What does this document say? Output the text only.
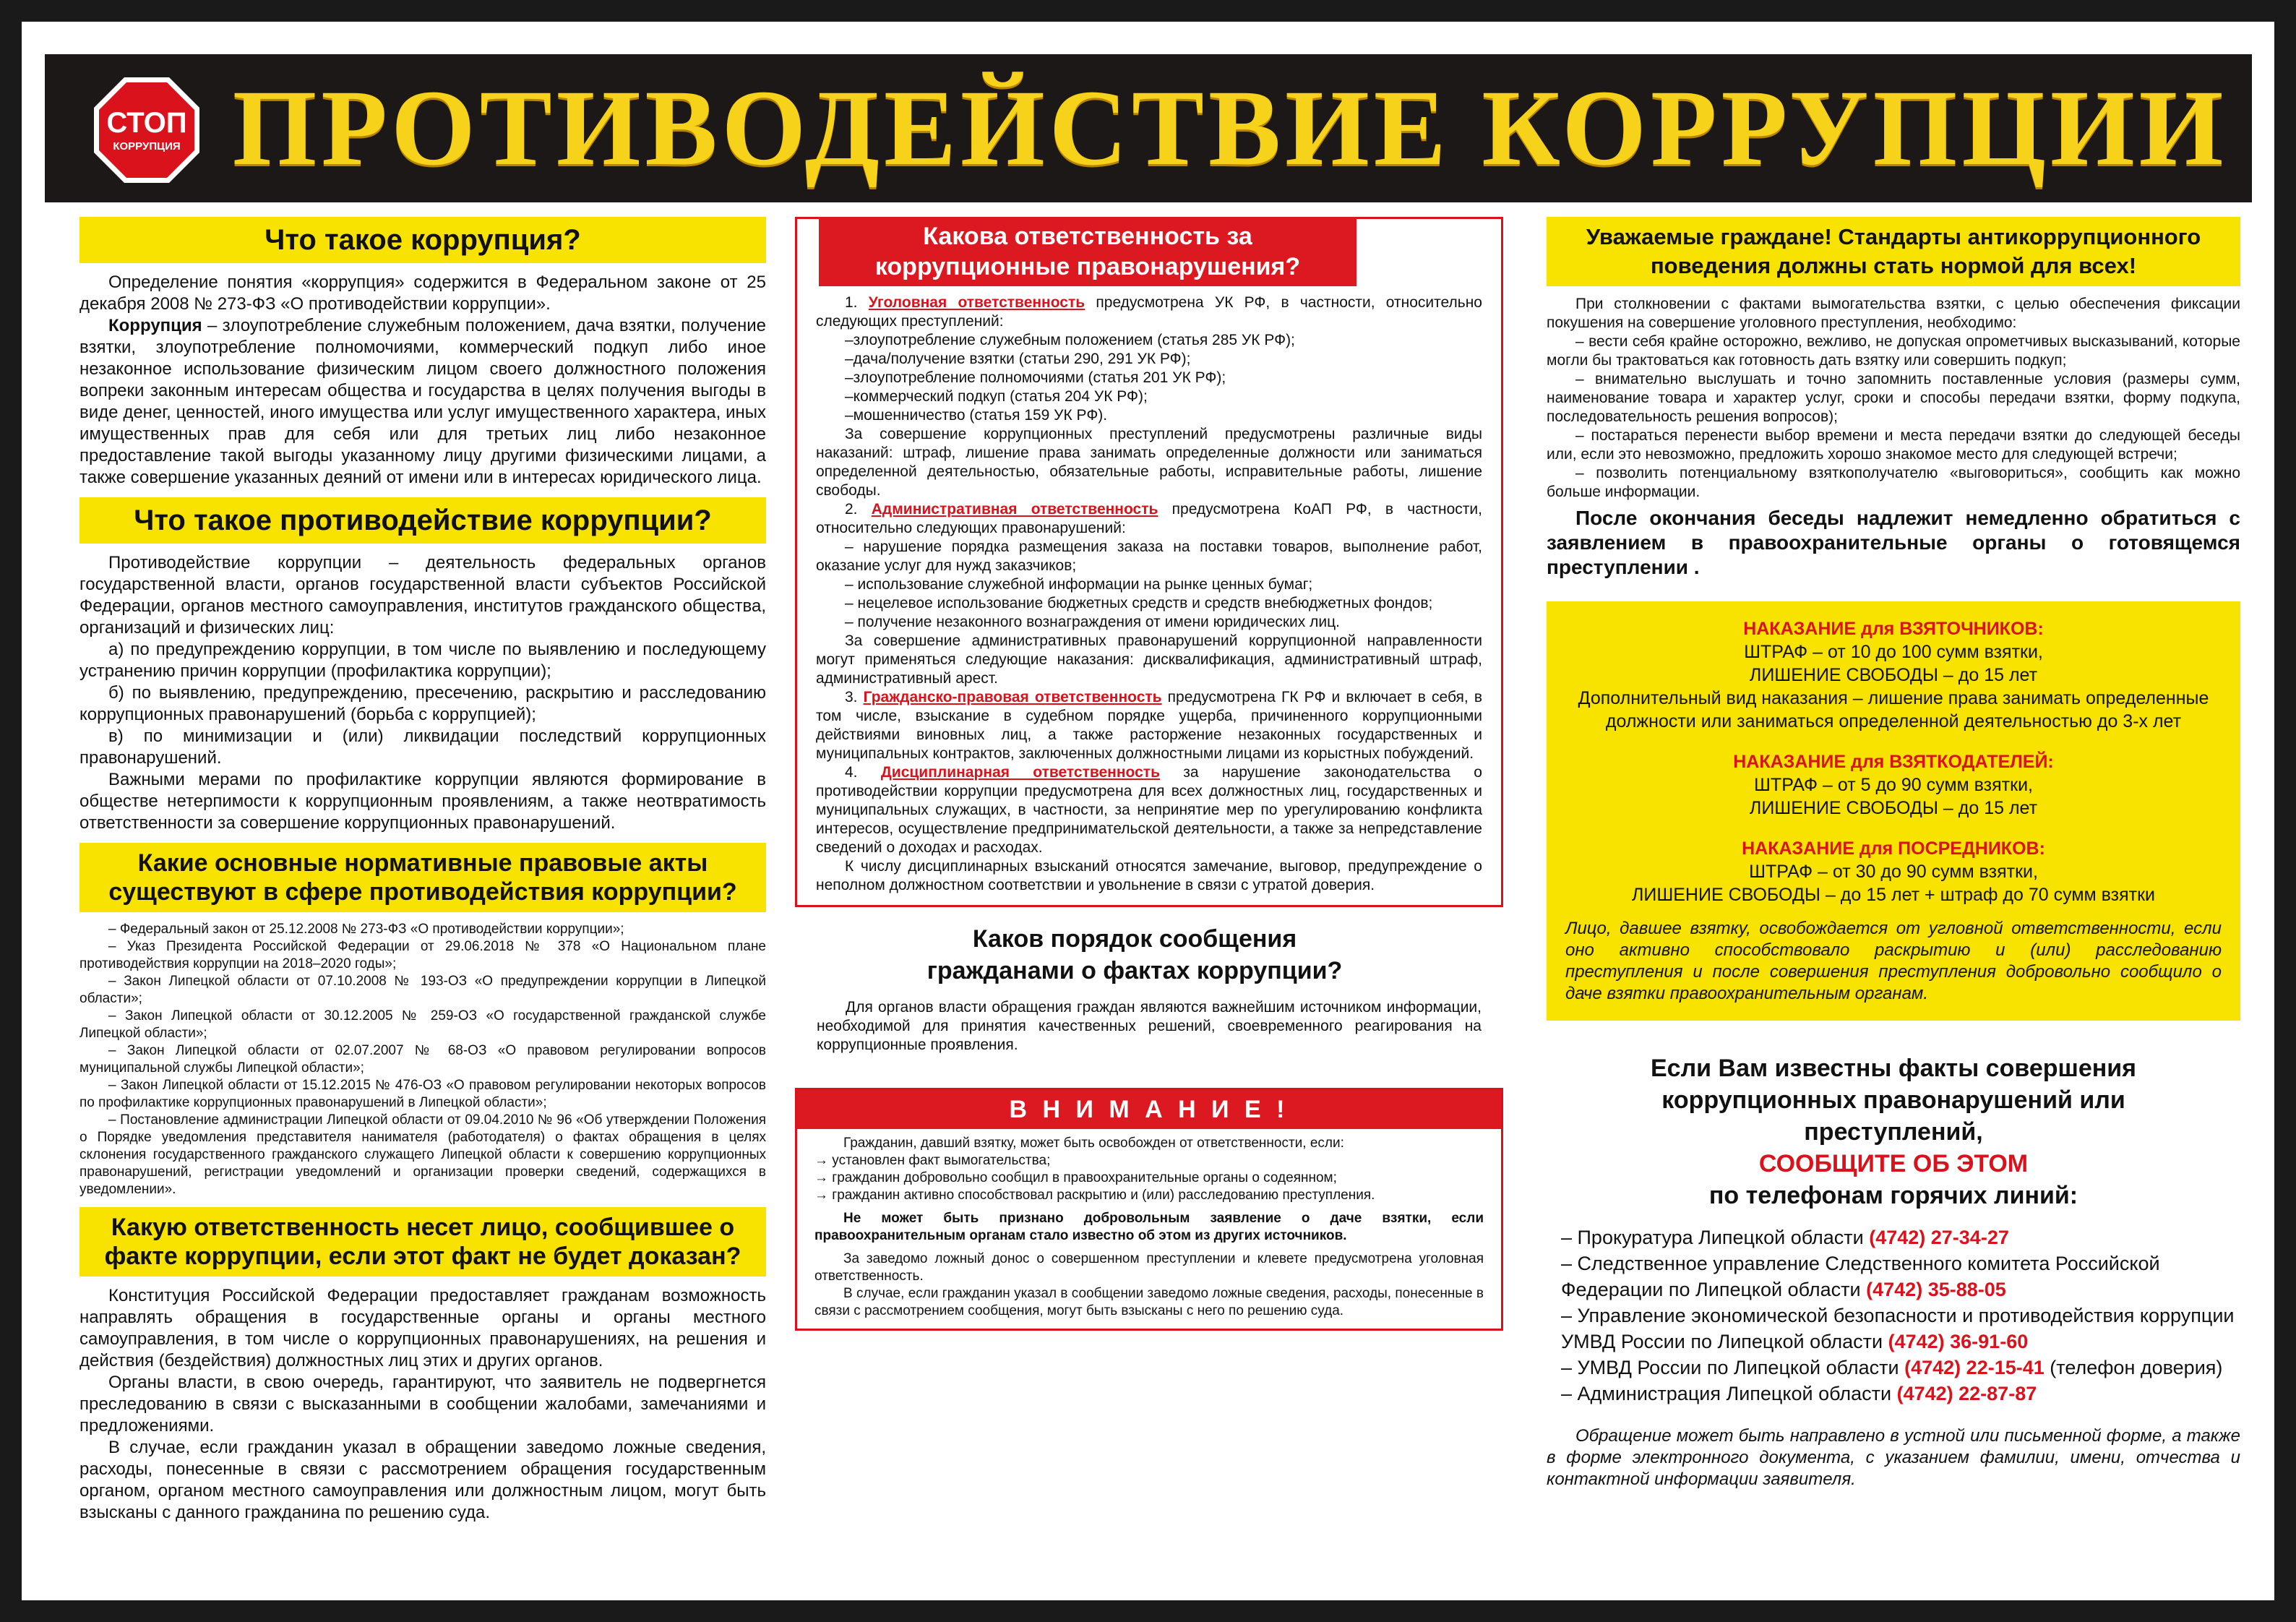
СТОП
КОРРУПЦИЯ ПРОТИВОДЕЙСТВИЕ КОРРУПЦИИ
Что такое коррупция?

Определение понятия «коррупция» содержится в Федеральном законе от 25 декабря 2008 № 273-ФЗ «О противодействии коррупции».

Коррупция – злоупотребление служебным положением, дача взятки, получение взятки, злоупотребление полномочиями, коммерческий подкуп либо иное незаконное использование физическим лицом своего должностного положения вопреки законным интересам общества и государства в целях получения выгоды в виде денег, ценностей, иного имущества или услуг имущественного характера, иных имущественных прав для себя или для третьих лиц либо незаконное предоставление такой выгоды указанному лицу другими физическими лицами, а также совершение указанных деяний от имени или в интересах юридического лица.

Что такое противодействие коррупции?

Противодействие коррупции – деятельность федеральных органов государственной власти, органов государственной власти субъектов Российской Федерации, органов местного самоуправления, институтов гражданского общества, организаций и физических лиц:

а) по предупреждению коррупции, в том числе по выявлению и последующему устранению причин коррупции (профилактика коррупции);

б) по выявлению, предупреждению, пресечению, раскрытию и расследованию коррупционных правонарушений (борьба с коррупцией);

в) по минимизации и (или) ликвидации последствий коррупционных правонарушений.

Важными мерами по профилактике коррупции являются формирование в обществе нетерпимости к коррупционным проявлениям, а также неотвратимость ответственности за совершение коррупционных правонарушений.

Какие основные нормативные правовые акты существуют в сфере противодействия коррупции?

– Федеральный закон от 25.12.2008 № 273-ФЗ «О противодействии коррупции»;

– Указ Президента Российской Федерации от 29.06.2018 № 378 «О Национальном плане противодействия коррупции на 2018–2020 годы»;

– Закон Липецкой области от 07.10.2008 № 193-ОЗ «О предупреждении коррупции в Липецкой области»;

– Закон Липецкой области от 30.12.2005 № 259-ОЗ «О государственной гражданской службе Липецкой области»;

– Закон Липецкой области от 02.07.2007 № 68-ОЗ «О правовом регулировании вопросов муниципальной службы Липецкой области»;

– Закон Липецкой области от 15.12.2015 № 476-ОЗ «О правовом регулировании некоторых вопросов по профилактике коррупционных правонарушений в Липецкой области»;

– Постановление администрации Липецкой области от 09.04.2010 № 96 «Об утверждении Положения о Порядке уведомления представителя нанимателя (работодателя) о фактах обращения в целях склонения государственного гражданского служащего Липецкой области к совершению коррупционных правонарушений, регистрации уведомлений и организации проверки сведений, содержащихся в уведомлении».

Какую ответственность несет лицо, сообщившее о факте коррупции, если этот факт не будет доказан?

Конституция Российской Федерации предоставляет гражданам возможность направлять обращения в государственные органы и органы местного самоуправления, в том числе о коррупционных правонарушениях, на решения и действия (бездействия) должностных лиц этих и других органов.

Органы власти, в свою очередь, гарантируют, что заявитель не подвергнется преследованию в связи с высказанными в сообщении жалобами, замечаниями и предложениями.

В случае, если гражданин указал в обращении заведомо ложные сведения, расходы, понесенные в связи с рассмотрением обращения государственным органом, органом местного самоуправления или должностным лицом, могут быть взысканы с данного гражданина по решению суда.

Какова ответственность за коррупционные правонарушения?

1. Уголовная ответственность предусмотрена УК РФ, в частности, относительно следующих преступлений:

–злоупотребление служебным положением (статья 285 УК РФ);

–дача/получение взятки (статьи 290, 291 УК РФ);

–злоупотребление полномочиями (статья 201 УК РФ);

–коммерческий подкуп (статья 204 УК РФ);

–мошенничество (статья 159 УК РФ).

За совершение коррупционных преступлений предусмотрены различные виды наказаний: штраф, лишение права занимать определенные должности или заниматься определенной деятельностью, обязательные работы, исправительные работы, лишение свободы.

2. Административная ответственность предусмотрена КоАП РФ, в частности, относительно следующих правонарушений:

– нарушение порядка размещения заказа на поставки товаров, выполнение работ, оказание услуг для нужд заказчиков;

– использование служебной информации на рынке ценных бумаг;

– нецелевое использование бюджетных средств и средств внебюджетных фондов;

– получение незаконного вознаграждения от имени юридических лиц.

За совершение административных правонарушений коррупционной направленности могут применяться следующие наказания: дисквалификация, административный штраф, административный арест.

3. Гражданско-правовая ответственность предусмотрена ГК РФ и включает в себя, в том числе, взыскание в судебном порядке ущерба, причиненного коррупционными действиями виновных лиц, а также расторжение незаконных государственных и муниципальных контрактов, заключенных должностными лицами из корыстных побуждений.

4. Дисциплинарная ответственность за нарушение законодательства о противодействии коррупции предусмотрена для всех должностных лиц, государственных и муниципальных служащих, в частности, за непринятие мер по урегулированию конфликта интересов, осуществление предпринимательской деятельности, а также за непредставление сведений о доходах и расходах.

К числу дисциплинарных взысканий относятся замечание, выговор, предупреждение о неполном должностном соответствии и увольнение в связи с утратой доверия.

Каков порядок сообщения гражданами о фактах коррупции?

Для органов власти обращения граждан являются важнейшим источником информации, необходимой для принятия качественных решений, своевременного реагирования на коррупционные проявления.

В Н И М А Н И Е !

Гражданин, давший взятку, может быть освобожден от ответственности, если:

→ установлен факт вымогательства;

→ гражданин добровольно сообщил в правоохранительные органы о содеянном;

→ гражданин активно способствовал раскрытию и (или) расследованию преступления.

Не может быть признано добровольным заявление о даче взятки, если правоохранительным органам стало известно об этом из других источников.

За заведомо ложный донос о совершенном преступлении и клевете предусмотрена уголовная ответственность.

В случае, если гражданин указал в сообщении заведомо ложные сведения, расходы, понесенные в связи с рассмотрением сообщения, могут быть взысканы с него по решению суда.

Уважаемые граждане! Стандарты антикоррупционного поведения должны стать нормой для всех!

При столкновении с фактами вымогательства взятки, с целью обеспечения фиксации покушения на совершение уголовного преступления, необходимо:

– вести себя крайне осторожно, вежливо, не допуская опрометчивых высказываний, которые могли бы трактоваться как готовность дать взятку или совершить подкуп;

– внимательно выслушать и точно запомнить поставленные условия (размеры сумм, наименование товара и характер услуг, сроки и способы передачи взятки, форму подкупа, последовательность решения вопросов);

– постараться перенести выбор времени и места передачи взятки до следующей беседы или, если это невозможно, предложить хорошо знакомое место для следующей встречи;

– позволить потенциальному взяткополучателю «выговориться», сообщить как можно больше информации.

После окончания беседы надлежит немедленно обратиться с заявлением в правоохранительные органы о готовящемся преступлении .

НАКАЗАНИЕ для ВЗЯТОЧНИКОВ:
ШТРАФ – от 10 до 100 сумм взятки,
ЛИШЕНИЕ СВОБОДЫ – до 15 лет
Дополнительный вид наказания – лишение права занимать определенные должности или заниматься определенной деятельностью до 3-х лет
НАКАЗАНИЕ для ВЗЯТКОДАТЕЛЕЙ:
ШТРАФ – от 5 до 90 сумм взятки,
ЛИШЕНИЕ СВОБОДЫ – до 15 лет
НАКАЗАНИЕ для ПОСРЕДНИКОВ:
ШТРАФ – от 30 до 90 сумм взятки,
ЛИШЕНИЕ СВОБОДЫ – до 15 лет + штраф до 70 сумм взятки
Лицо, давшее взятку, освобождается от угловной ответственности, если оно активно способствовало раскрытию и (или) расследованию преступления и после совершения преступления добровольно сообщило о даче взятки правоохранительным органам.
Если Вам известны факты совершения коррупционных правонарушений или преступлений,
СООБЩИТЕ ОБ ЭТОМ
по телефонам горячих линий:
– Прокуратура Липецкой области (4742) 27-34-27
– Следственное управление Следственного комитета Российской Федерации по Липецкой области (4742) 35-88-05
– Управление экономической безопасности и противодействия коррупции УМВД России по Липецкой области (4742) 36-91-60
– УМВД России по Липецкой области (4742) 22-15-41 (телефон доверия)
– Администрация Липецкой области (4742) 22-87-87

Обращение может быть направлено в устной или письменной форме, а также в форме электронного документа, с указанием фамилии, имени, отчества и контактной информации заявителя.
